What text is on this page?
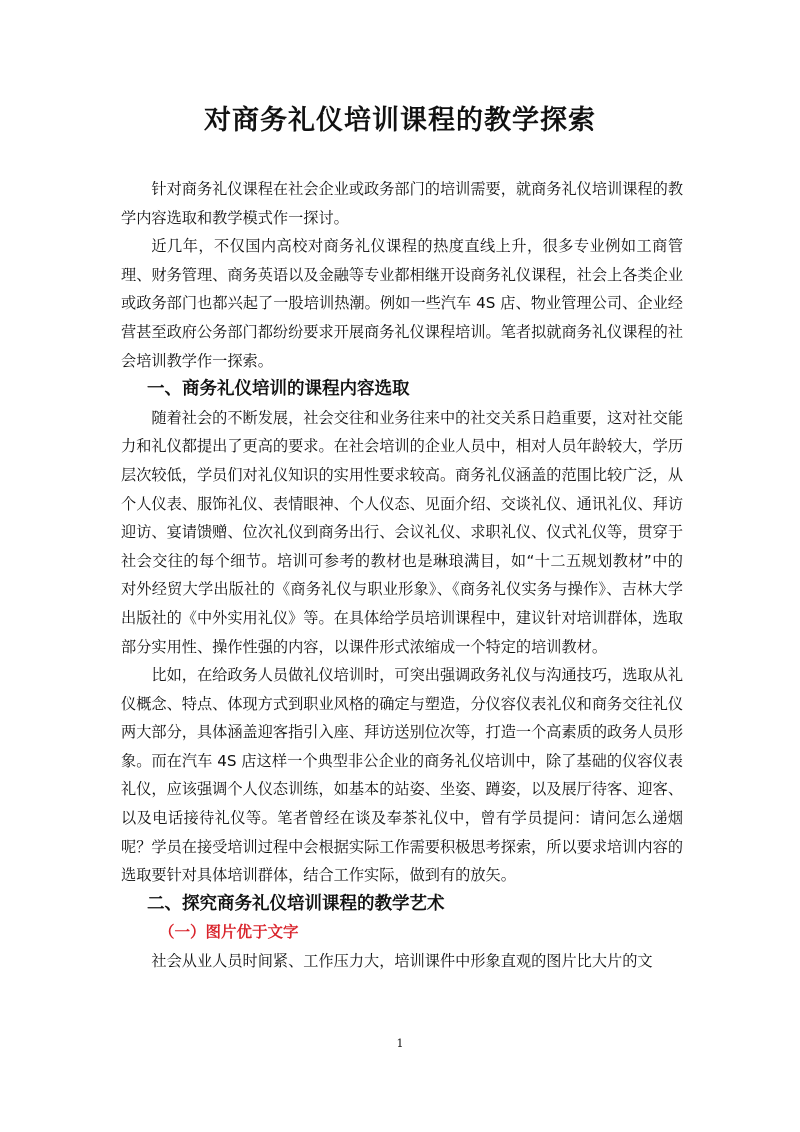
对商务礼仪培训课程的教学探索

针对商务礼仪课程在社会企业或政务部门的培训需要，就商务礼仪培训课程的教学内容选取和教学模式作一探讨。

近几年，不仅国内高校对商务礼仪课程的热度直线上升，很多专业例如工商管理、财务管理、商务英语以及金融等专业都相继开设商务礼仪课程，社会上各类企业或政务部门也都兴起了一股培训热潮。例如一些汽车 4S 店、物业管理公司、企业经营甚至政府公务部门都纷纷要求开展商务礼仪课程培训。笔者拟就商务礼仪课程的社会培训教学作一探索。

一、商务礼仪培训的课程内容选取

随着社会的不断发展，社会交往和业务往来中的社交关系日趋重要，这对社交能力和礼仪都提出了更高的要求。在社会培训的企业人员中，相对人员年龄较大，学历层次较低，学员们对礼仪知识的实用性要求较高。商务礼仪涵盖的范围比较广泛，从个人仪表、服饰礼仪、表情眼神、个人仪态、见面介绍、交谈礼仪、通讯礼仪、拜访迎访、宴请馈赠、位次礼仪到商务出行、会议礼仪、求职礼仪、仪式礼仪等，贯穿于社会交往的每个细节。培训可参考的教材也是琳琅满目，如“十二五规划教材”中的对外经贸大学出版社的《商务礼仪与职业形象》、《商务礼仪实务与操作》、吉林大学出版社的《中外实用礼仪》等。在具体给学员培训课程中，建议针对培训群体，选取部分实用性、操作性强的内容，以课件形式浓缩成一个特定的培训教材。

比如，在给政务人员做礼仪培训时，可突出强调政务礼仪与沟通技巧，选取从礼仪概念、特点、体现方式到职业风格的确定与塑造，分仪容仪表礼仪和商务交往礼仪两大部分，具体涵盖迎客指引入座、拜访送别位次等，打造一个高素质的政务人员形象。而在汽车 4S 店这样一个典型非公企业的商务礼仪培训中，除了基础的仪容仪表礼仪，应该强调个人仪态训练，如基本的站姿、坐姿、蹲姿，以及展厅待客、迎客、以及电话接待礼仪等。笔者曾经在谈及奉茶礼仪中，曾有学员提问：请问怎么递烟呢？学员在接受培训过程中会根据实际工作需要积极思考探索，所以要求培训内容的选取要针对具体培训群体，结合工作实际，做到有的放矢。

二、探究商务礼仪培训课程的教学艺术
（一）图片优于文字

社会从业人员时间紧、工作压力大，培训课件中形象直观的图片比大片的文

1
